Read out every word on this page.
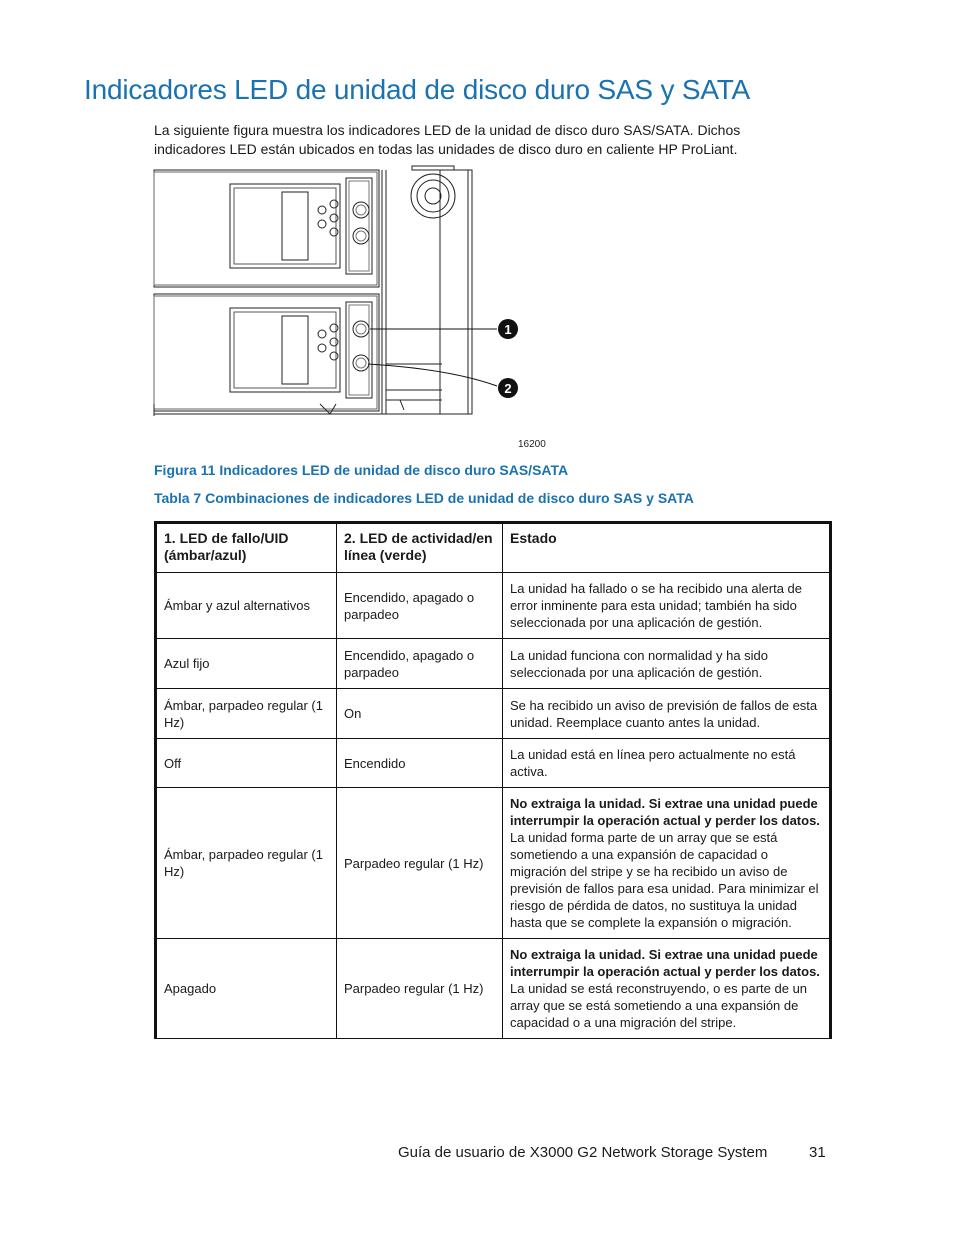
Indicadores LED de unidad de disco duro SAS y SATA

La siguiente figura muestra los indicadores LED de la unidad de disco duro SAS/SATA. Dichos indicadores LED están ubicados en todas las unidades de disco duro en caliente HP ProLiant.

1
2
16200

Figura 11 Indicadores LED de unidad de disco duro SAS/SATA

Tabla 7 Combinaciones de indicadores LED de unidad de disco duro SAS y SATA

1. LED de fallo/UID (ámbar/azul)	2. LED de actividad/en línea (verde)	Estado
Ámbar y azul alternativos	Encendido, apagado o parpadeo	La unidad ha fallado o se ha recibido una alerta de error inminente para esta unidad; también ha sido seleccionada por una aplicación de gestión.
Azul fijo	Encendido, apagado o parpadeo	La unidad funciona con normalidad y ha sido seleccionada por una aplicación de gestión.
Ámbar, parpadeo regular (1 Hz)	On	Se ha recibido un aviso de previsión de fallos de esta unidad. Reemplace cuanto antes la unidad.
Off	Encendido	La unidad está en línea pero actualmente no está activa.
Ámbar, parpadeo regular (1 Hz)	Parpadeo regular (1 Hz)	No extraiga la unidad. Si extrae una unidad puede interrumpir la operación actual y perder los datos.
La unidad forma parte de un array que se está sometiendo a una expansión de capacidad o migración del stripe y se ha recibido un aviso de previsión de fallos para esa unidad. Para minimizar el riesgo de pérdida de datos, no sustituya la unidad hasta que se complete la expansión o migración.
Apagado	Parpadeo regular (1 Hz)	No extraiga la unidad. Si extrae una unidad puede interrumpir la operación actual y perder los datos.
La unidad se está reconstruyendo, o es parte de un array que se está sometiendo a una expansión de capacidad o a una migración del stripe.

Guía de usuario de X3000 G2 Network Storage System	31
